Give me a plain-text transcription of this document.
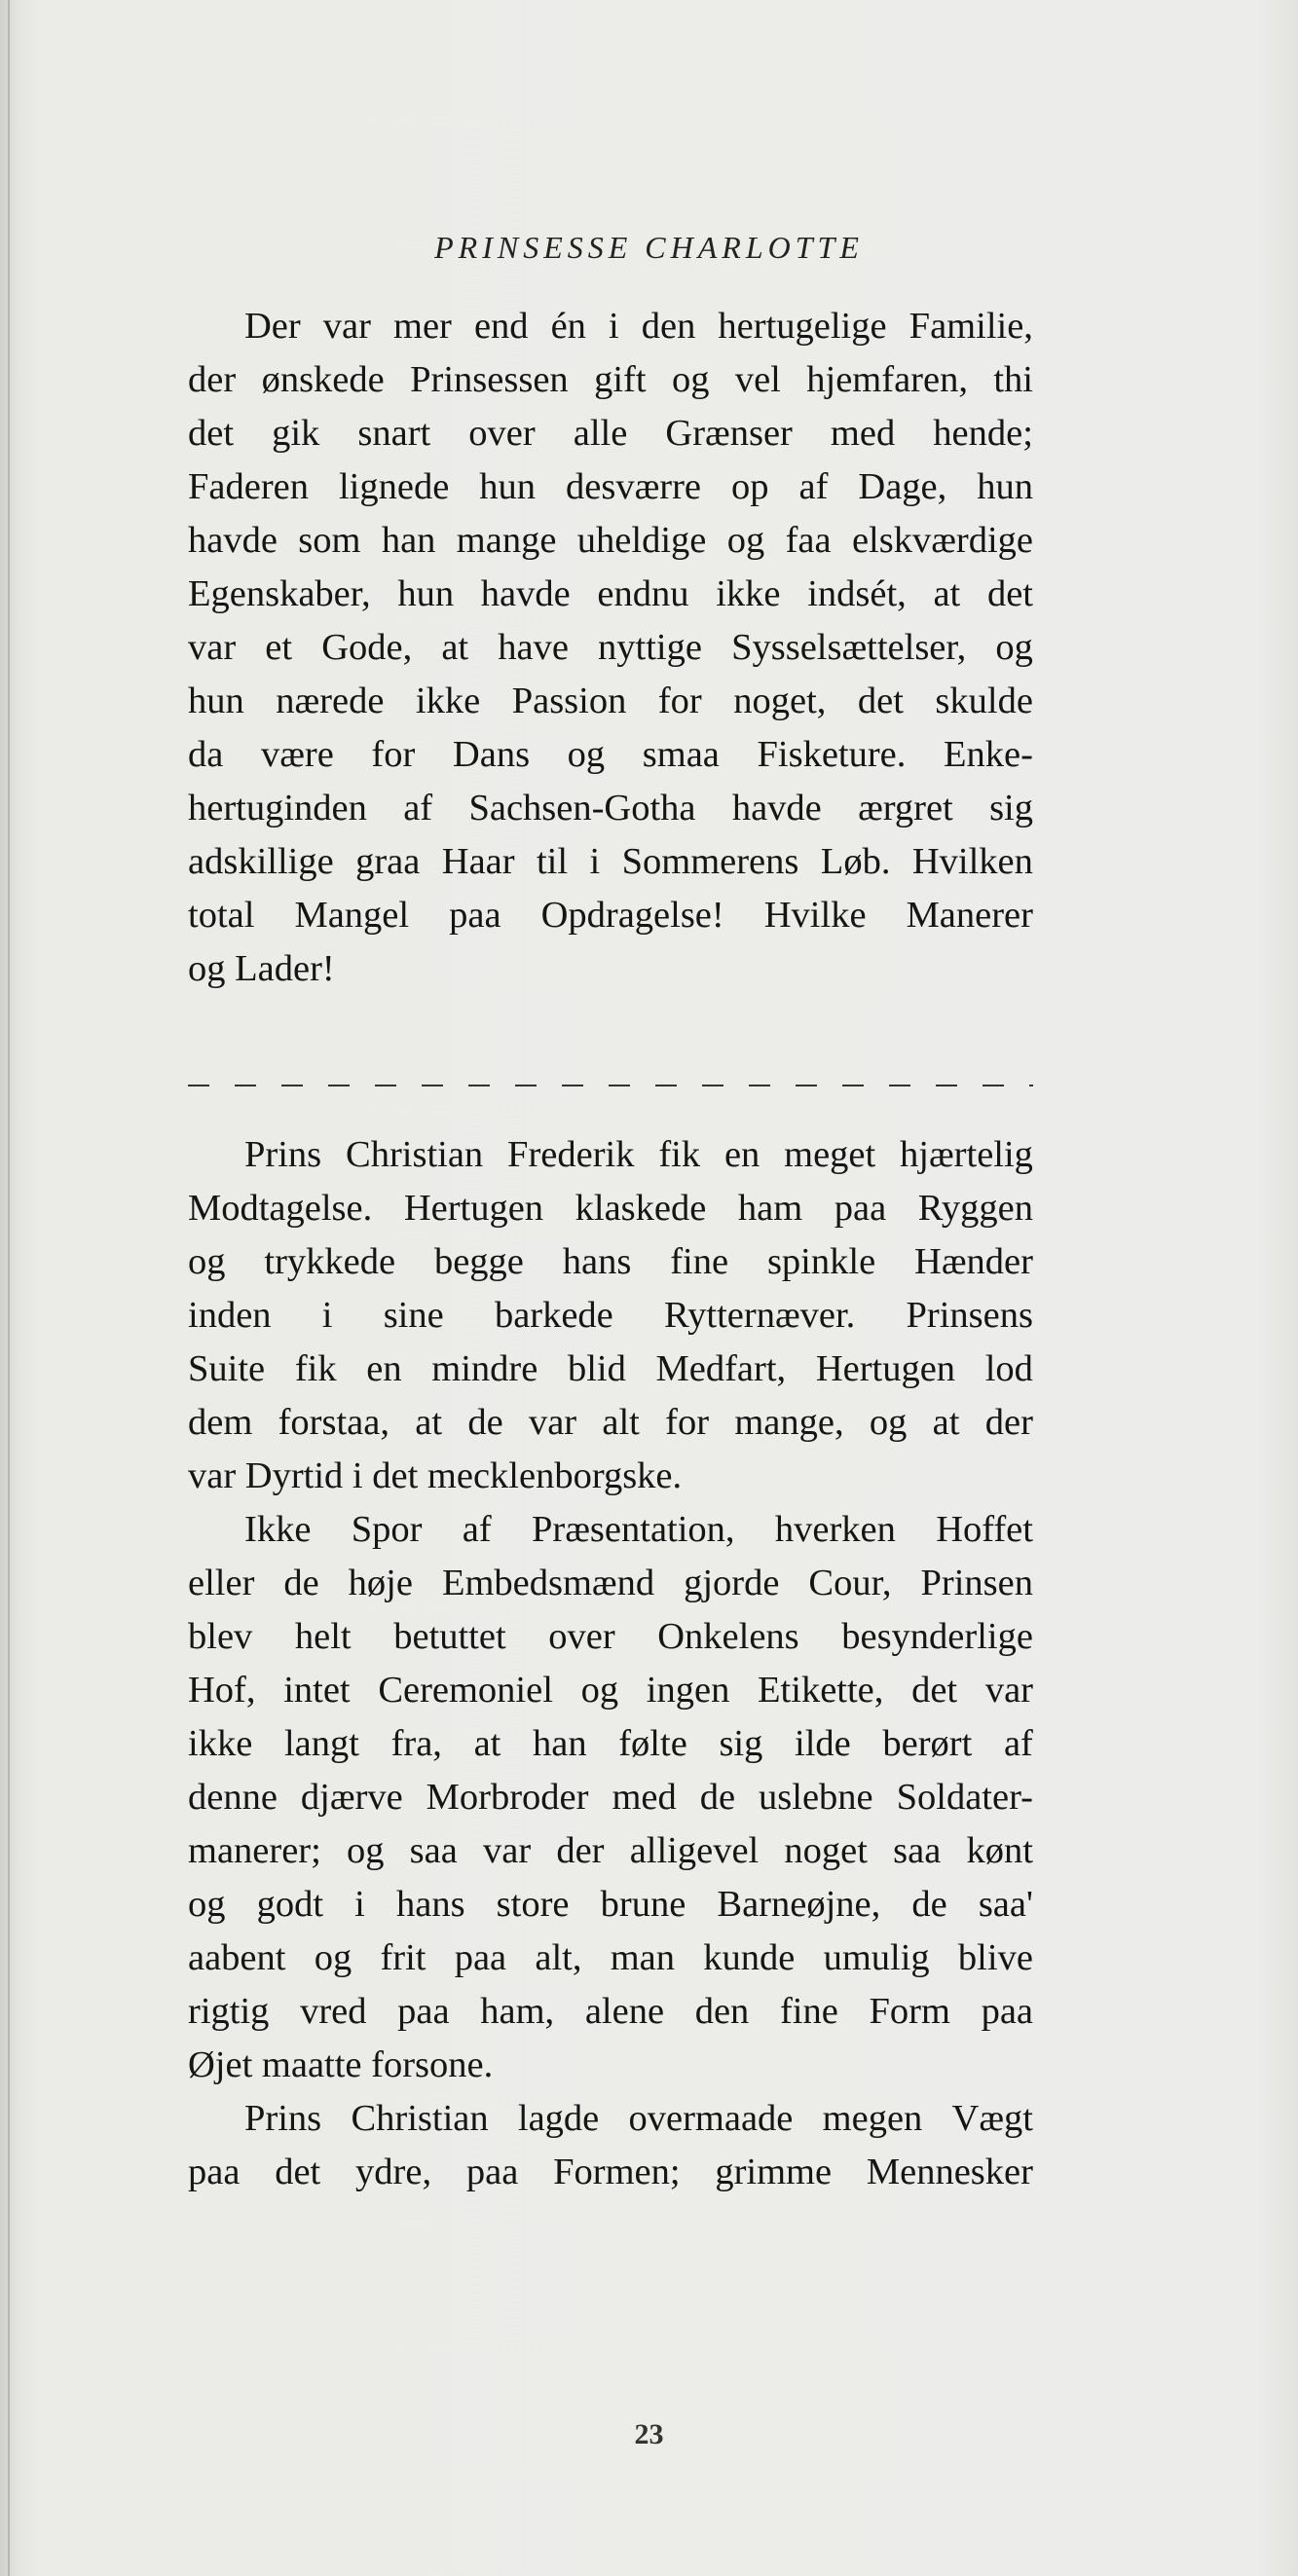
PRINSESSE CHARLOTTE

Der var mer end én i den hertugelige Familie,
der ønskede Prinsessen gift og vel hjemfaren, thi
det gik snart over alle Grænser med hende;
Faderen lignede hun desværre op af Dage, hun
havde som han mange uheldige og faa elskværdige
Egenskaber, hun havde endnu ikke indsét, at det
var et Gode, at have nyttige Sysselsættelser, og
hun nærede ikke Passion for noget, det skulde
da være for Dans og smaa Fisketure. Enke-
hertuginden af Sachsen-Gotha havde ærgret sig
adskillige graa Haar til i Sommerens Løb. Hvilken
total Mangel paa Opdragelse! Hvilke Manerer
og Lader!

Prins Christian Frederik fik en meget hjærtelig
Modtagelse. Hertugen klaskede ham paa Ryggen
og trykkede begge hans fine spinkle Hænder
inden i sine barkede Rytternæver. Prinsens
Suite fik en mindre blid Medfart, Hertugen lod
dem forstaa, at de var alt for mange, og at der
var Dyrtid i det mecklenborgske.

Ikke Spor af Præsentation, hverken Hoffet
eller de høje Embedsmænd gjorde Cour, Prinsen
blev helt betuttet over Onkelens besynderlige
Hof, intet Ceremoniel og ingen Etikette, det var
ikke langt fra, at han følte sig ilde berørt af
denne djærve Morbroder med de uslebne Soldater-
manerer; og saa var der alligevel noget saa kønt
og godt i hans store brune Barneøjne, de saa'
aabent og frit paa alt, man kunde umulig blive
rigtig vred paa ham, alene den fine Form paa
Øjet maatte forsone.

Prins Christian lagde overmaade megen Vægt
paa det ydre, paa Formen; grimme Mennesker

23
